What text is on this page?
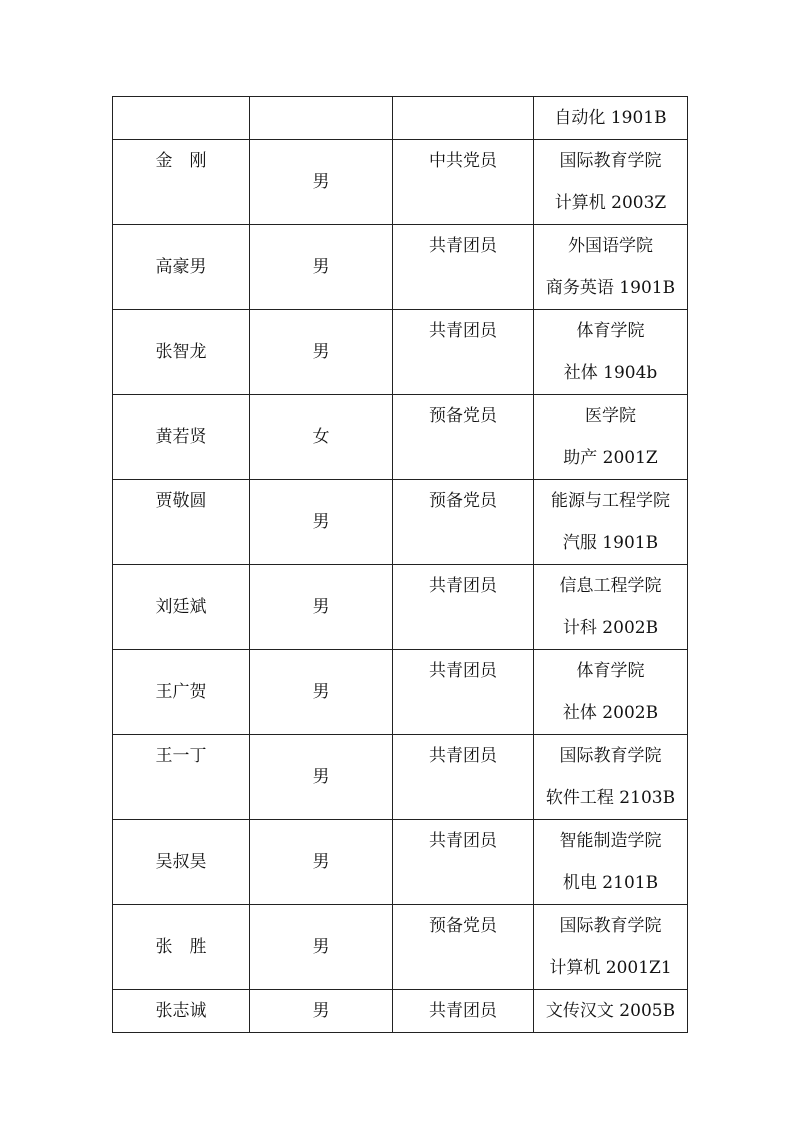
			自动化 1901B
金　刚	男	中共党员	国际教育学院
计算机 2003Z

高豪男	男	共青团员	外国语学院
商务英语 1901B

张智龙	男	共青团员	体育学院
社体 1904b

黄若贤	女	预备党员	医学院
助产 2001Z

贾敬圆	男	预备党员	能源与工程学院
汽服 1901B

刘廷斌	男	共青团员	信息工程学院
计科 2002B

王广贺	男	共青团员	体育学院
社体 2002B

王一丁	男	共青团员	国际教育学院
软件工程 2103B

吴叔昊	男	共青团员	智能制造学院
机电 2101B

张　胜	男	预备党员	国际教育学院
计算机 2001Z1

张志诚	男	共青团员	文传汉文 2005B
